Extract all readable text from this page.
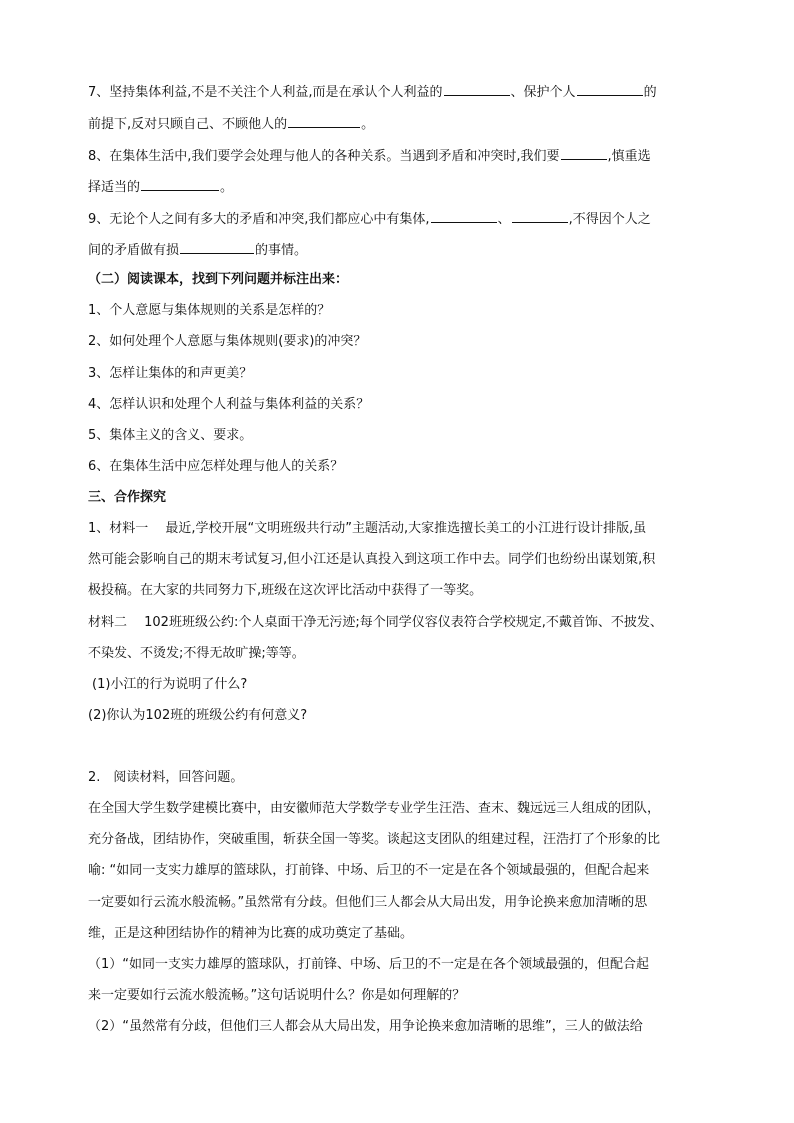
7、坚持集体利益,不是不关注个人利益,而是在承认个人利益的	、保护个人	的
前提下,反对只顾自己、不顾他人的	。
8、在集体生活中,我们要学会处理与他人的各种关系。当遇到矛盾和冲突时,我们要	,慎重选
择适当的	。
9、无论个人之间有多大的矛盾和冲突,我们都应心中有集体,	、	,不得因个人之
间的矛盾做有损	的事情。
（二）阅读课本，找到下列问题并标注出来：
1、个人意愿与集体规则的关系是怎样的？
2、如何处理个人意愿与集体规则(要求)的冲突？
3、怎样让集体的和声更美？
4、怎样认识和处理个人利益与集体利益的关系？
5、集体主义的含义、要求。
6、在集体生活中应怎样处理与他人的关系？
三、合作探究
1、材料一　 最近,学校开展“文明班级共行动”主题活动,大家推选擅长美工的小江进行设计排版,虽
然可能会影响自己的期末考试复习,但小江还是认真投入到这项工作中去。同学们也纷纷出谋划策,积
极投稿。在大家的共同努力下,班级在这次评比活动中获得了一等奖。
材料二　 102班班级公约:个人桌面干净无污迹;每个同学仪容仪表符合学校规定,不戴首饰、不披发、
不染发、不烫发;不得无故旷操;等等。
(1)小江的行为说明了什么?
(2)你认为102班的班级公约有何意义?
2.　阅读材料，回答问题。
在全国大学生数学建模比赛中，由安徽师范大学数学专业学生汪浩、查末、魏远远三人组成的团队，
充分备战，团结协作，突破重围，斩获全国一等奖。谈起这支团队的组建过程，汪浩打了个形象的比
喻: “如同一支实力雄厚的篮球队，打前锋、中场、后卫的不一定是在各个领域最强的，但配合起来
一定要如行云流水般流畅。”虽然常有分歧。但他们三人都会从大局出发，用争论换来愈加清晰的思
维，正是这种团结协作的精神为比赛的成功奠定了基础。
（1）“如同一支实力雄厚的篮球队，打前锋、中场、后卫的不一定是在各个领域最强的，但配合起
来一定要如行云流水般流畅。”这句话说明什么？你是如何理解的？
（2）“虽然常有分歧，但他们三人都会从大局出发，用争论换来愈加清晰的思维”，三人的做法给
